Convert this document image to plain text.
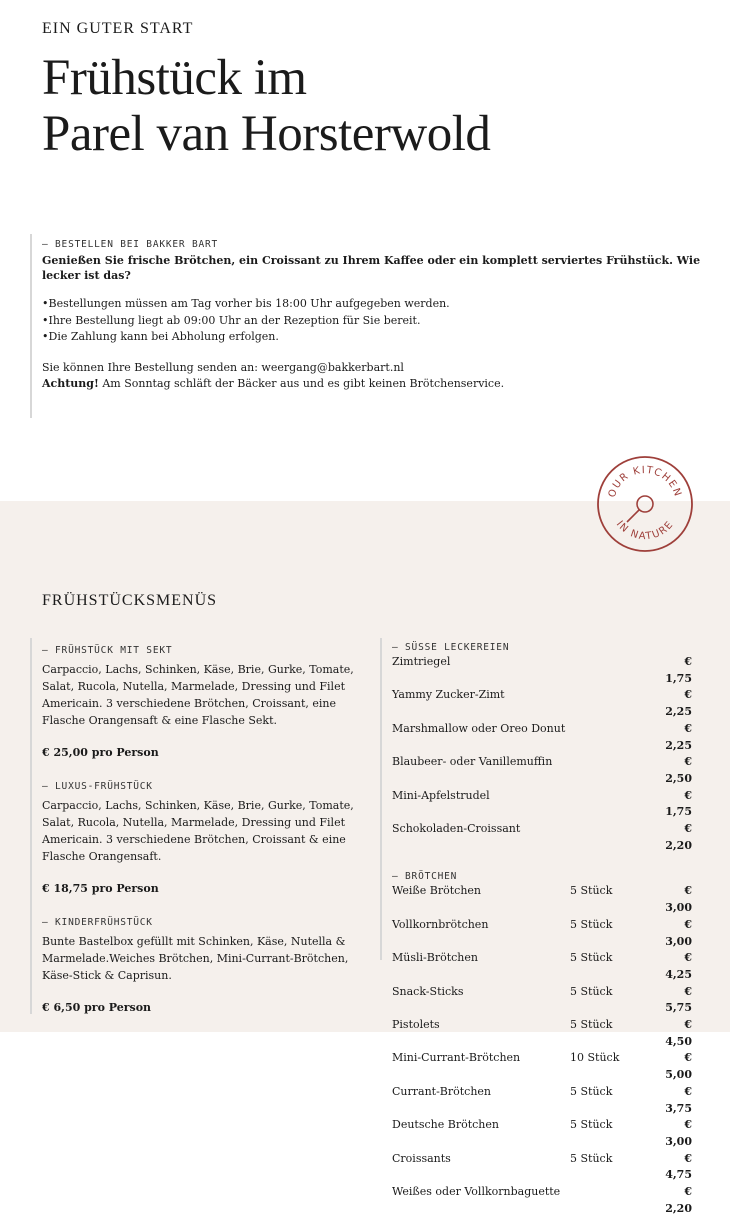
EIN GUTER START
Frühstück im
Parel van Horsterwold
– BESTELLEN BEI BAKKER BART
Genießen Sie frische Brötchen, ein Croissant zu Ihrem Kaffee oder ein komplett serviertes Frühstück. Wie lecker ist das?
• Bestellungen müssen am Tag vorher bis 18:00 Uhr aufgegeben werden.
• Ihre Bestellung liegt ab 09:00 Uhr an der Rezeption für Sie bereit.
• Die Zahlung kann bei Abholung erfolgen.
Sie können Ihre Bestellung senden an: weergang@bakkerbart.nl
Achtung! Am Sonntag schläft der Bäcker aus und es gibt keinen Brötchenservice.
OUR KITCHEN
IN NATURE
FRÜHSTÜCKSMENÜS
– FRÜHSTÜCK MIT SEKT

Carpaccio, Lachs, Schinken, Käse, Brie, Gurke, Tomate, Salat, Rucola, Nutella, Marmelade, Dressing und Filet Americain. 3 verschiedene Brötchen, Croissant, eine Flasche Orangensaft & eine Flasche Sekt.

€ 25,00 pro Person
– LUXUS-FRÜHSTÜCK

Carpaccio, Lachs, Schinken, Käse, Brie, Gurke, Tomate, Salat, Rucola, Nutella, Marmelade, Dressing und Filet Americain. 3 verschiedene Brötchen, Croissant & eine Flasche Orangensaft.

€ 18,75 pro Person
– KINDERFRÜHSTÜCK

Bunte Bastelbox gefüllt mit Schinken, Käse, Nutella & Marmelade.Weiches Brötchen, Mini-Currant-Brötchen, Käse-Stick & Caprisun.

€ 6,50 pro Person
– SÜSSE LECKEREIEN
Zimtriegel	€ 1,75
Yammy Zucker-Zimt	€ 2,25
Marshmallow oder Oreo Donut	€ 2,25
Blaubeer- oder Vanillemuffin	€ 2,50
Mini-Apfelstrudel	€ 1,75
Schokoladen-Croissant	€ 2,20
– BRÖTCHEN
Weiße Brötchen	5 Stück	€ 3,00
Vollkornbrötchen	5 Stück	€ 3,00
Müsli-Brötchen	5 Stück	€ 4,25
Snack-Sticks	5 Stück	€ 5,75
Pistolets	5 Stück	€ 4,50
Mini-Currant-Brötchen	10 Stück	€ 5,00
Currant-Brötchen	5 Stück	€ 3,75
Deutsche Brötchen	5 Stück	€ 3,00
Croissants	5 Stück	€ 4,75
Weißes oder Vollkornbaguette	€ 2,20
